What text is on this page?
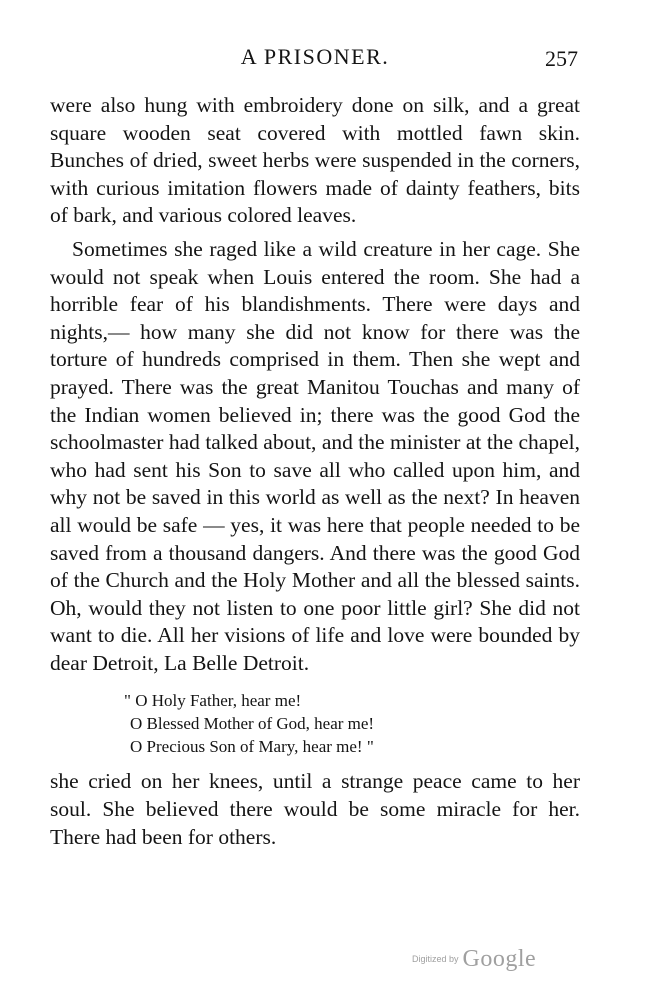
A PRISONER.	257

were also hung with embroidery done on silk, and a great square wooden seat covered with mottled fawn skin. Bunches of dried, sweet herbs were suspended in the corners, with curious imitation flowers made of dainty feathers, bits of bark, and various colored leaves.

Sometimes she raged like a wild creature in her cage. She would not speak when Louis entered the room. She had a horrible fear of his blandishments. There were days and nights,— how many she did not know for there was the torture of hundreds comprised in them. Then she wept and prayed. There was the great Manitou Touchas and many of the Indian women believed in; there was the good God the schoolmaster had talked about, and the minister at the chapel, who had sent his Son to save all who called upon him, and why not be saved in this world as well as the next? In heaven all would be safe — yes, it was here that people needed to be saved from a thousand dangers. And there was the good God of the Church and the Holy Mother and all the blessed saints. Oh, would they not listen to one poor little girl? She did not want to die. All her visions of life and love were bounded by dear Detroit, La Belle Detroit.

" O Holy Father, hear me!
O Blessed Mother of God, hear me!
O Precious Son of Mary, hear me! "

she cried on her knees, until a strange peace came to her soul. She believed there would be some miracle for her. There had been for others.

$^{Digitized by}$ Google
